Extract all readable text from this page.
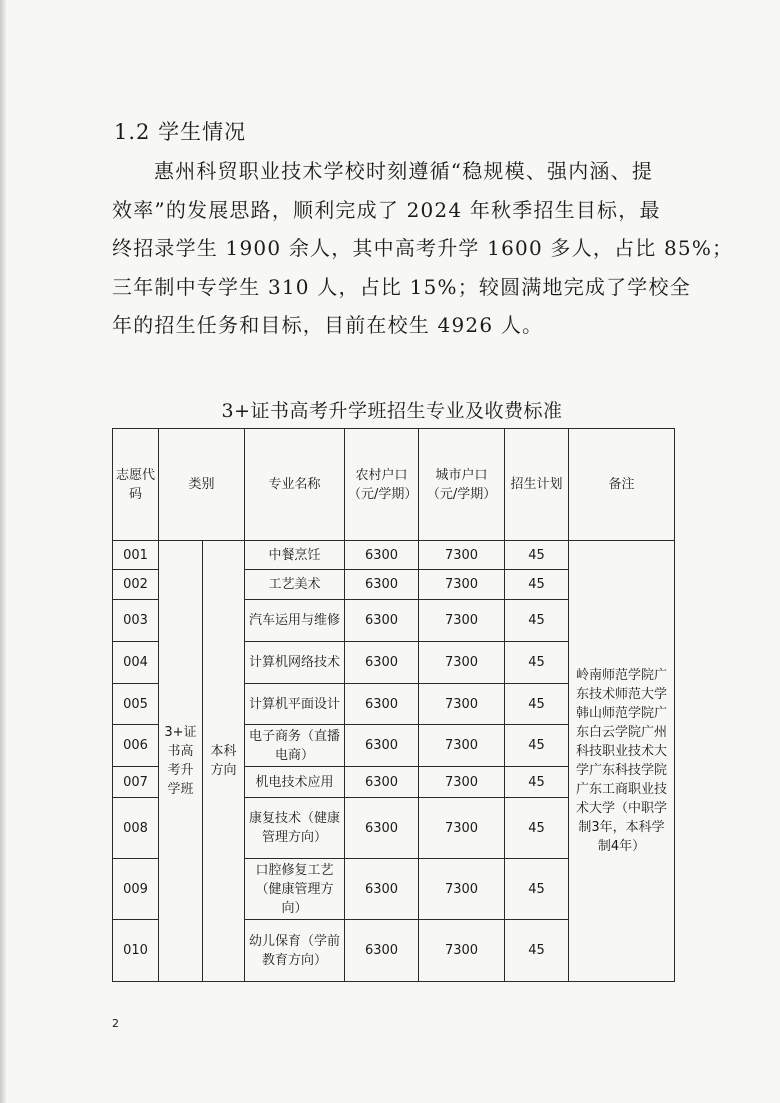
1.2 学生情况

惠州科贸职业技术学校时刻遵循“稳规模、强内涵、提
效率”的发展思路，顺利完成了 2024 年秋季招生目标，最
终招录学生 1900 余人，其中高考升学 1600 多人，占比 85%；
三年制中专学生 310 人，占比 15%；较圆满地完成了学校全
年的招生任务和目标，目前在校生 4926 人。

3+证书高考升学班招生专业及收费标准
志愿代码	类别		专业名称	农村户口（元/学期）	城市户口（元/学期）	招生计划	备注
001	3+证书高考升学班	本科方向	中餐烹饪	6300	7300	45	岭南师范学院广东技术师范大学韩山师范学院广东白云学院广州科技职业技术大学广东科技学院广东工商职业技术大学（中职学制3年，本科学制4年）
002			工艺美术	6300	7300	45	
003			汽车运用与维修	6300	7300	45	
004			计算机网络技术	6300	7300	45	
005			计算机平面设计	6300	7300	45	
006			电子商务（直播电商）	6300	7300	45	
007			机电技术应用	6300	7300	45	
008			康复技术（健康管理方向）	6300	7300	45	
009			口腔修复工艺（健康管理方向）	6300	7300	45	
010			幼儿保育（学前教育方向）	6300	7300	45	
2
